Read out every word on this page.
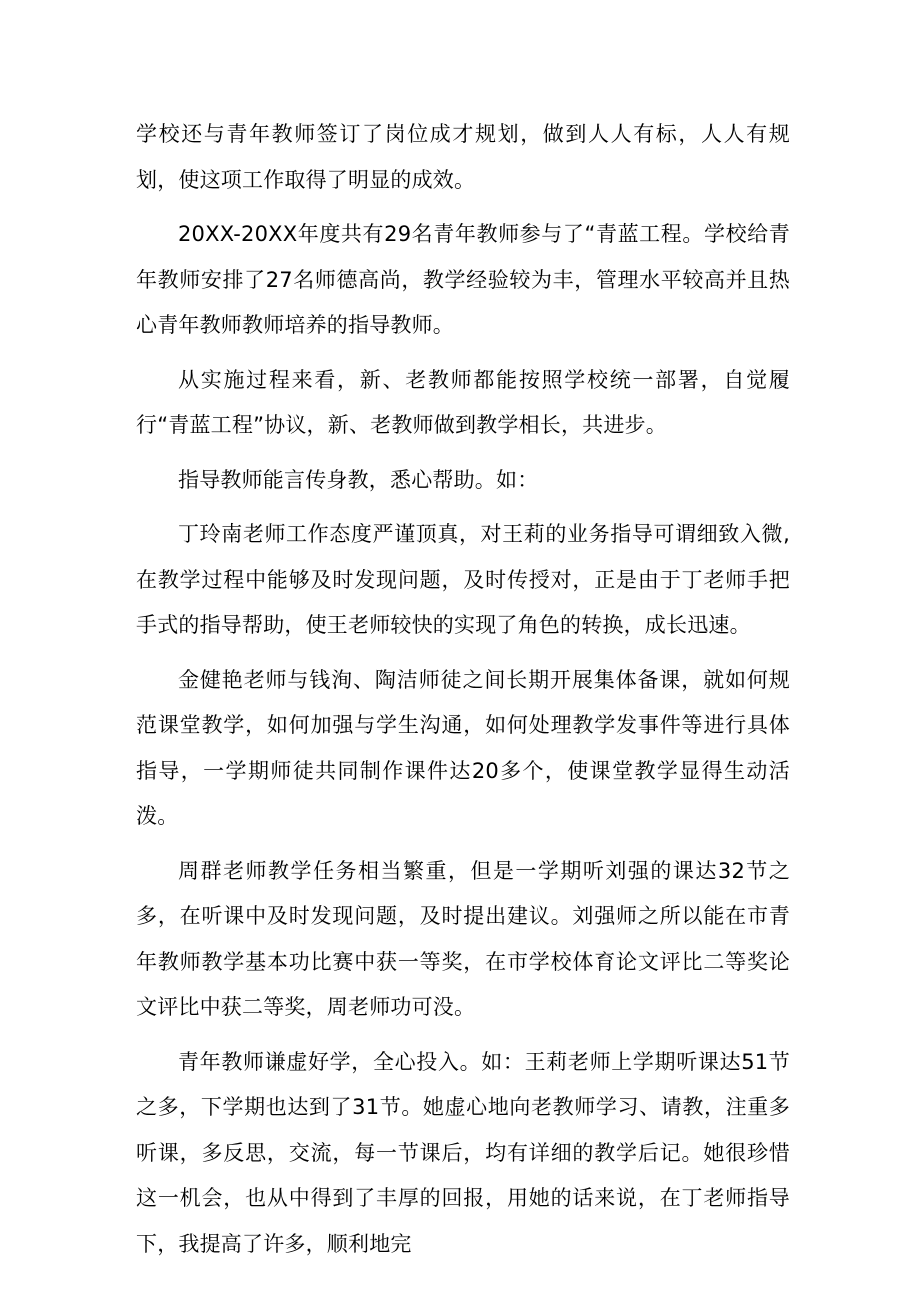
学校还与青年教师签订了岗位成才规划，做到人人有标，人人有规划，使这项工作取得了明显的成效。

20XX-20XX年度共有29名青年教师参与了“青蓝工程。学校给青年教师安排了27名师德高尚，教学经验较为丰，管理水平较高并且热心青年教师教师培养的指导教师。

从实施过程来看，新、老教师都能按照学校统一部署，自觉履行“青蓝工程”协议，新、老教师做到教学相长，共进步。

指导教师能言传身教，悉心帮助。如：

丁玲南老师工作态度严谨顶真，对王莉的业务指导可谓细致入微,在教学过程中能够及时发现问题，及时传授对，正是由于丁老师手把手式的指导帮助，使王老师较快的实现了角色的转换，成长迅速。

金健艳老师与钱洵、陶洁师徒之间长期开展集体备课，就如何规范课堂教学，如何加强与学生沟通，如何处理教学发事件等进行具体指导，一学期师徒共同制作课件达20多个，使课堂教学显得生动活泼。

周群老师教学任务相当繁重，但是一学期听刘强的课达32节之多，在听课中及时发现问题，及时提出建议。刘强师之所以能在市青年教师教学基本功比赛中获一等奖，在市学校体育论文评比二等奖论文评比中获二等奖，周老师功可没。

青年教师谦虚好学，全心投入。如：王莉老师上学期听课达51节之多，下学期也达到了31节。她虚心地向老教师学习、请教，注重多听课，多反思，交流，每一节课后，均有详细的教学后记。她很珍惜这一机会，也从中得到了丰厚的回报，用她的话来说，在丁老师指导下，我提高了许多，顺利地完
